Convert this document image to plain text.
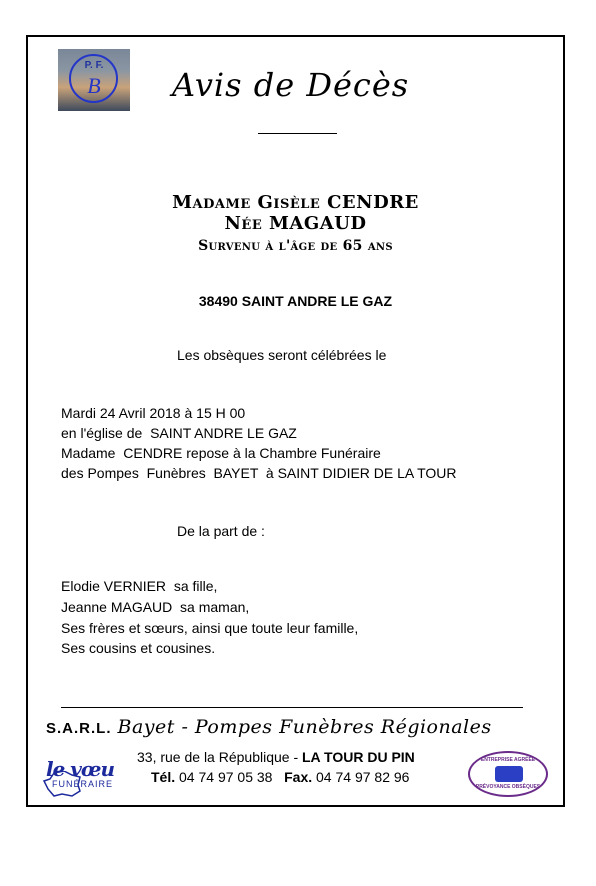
P. F.
B	Avis de Décès
Madame Gisèle CENDRE
Née MAGAUD
Survenu à l'âge de 65 ans
38490 SAINT ANDRE LE GAZ
Les obsèques seront célébrées le
Mardi 24 Avril 2018 à 15 H 00
en l'église de  SAINT ANDRE LE GAZ
Madame  CENDRE repose à la Chambre Funéraire
des Pompes  Funèbres  BAYET  à SAINT DIDIER DE LA TOUR
De la part de :
Elodie VERNIER  sa fille,
Jeanne MAGAUD  sa maman,
Ses frères et sœurs, ainsi que toute leur famille,
Ses cousins et cousines.
S.A.R.L. Bayet - Pompes Funèbres Régionales
33, rue de la République - LA TOUR DU PIN
Tél. 04 74 97 05 38 Fax. 04 74 97 82 96
le vœu
FUNÉRAIRE
ENTREPRISE AGRÉÉE
PRÉVOYANCE OBSÈQUES
